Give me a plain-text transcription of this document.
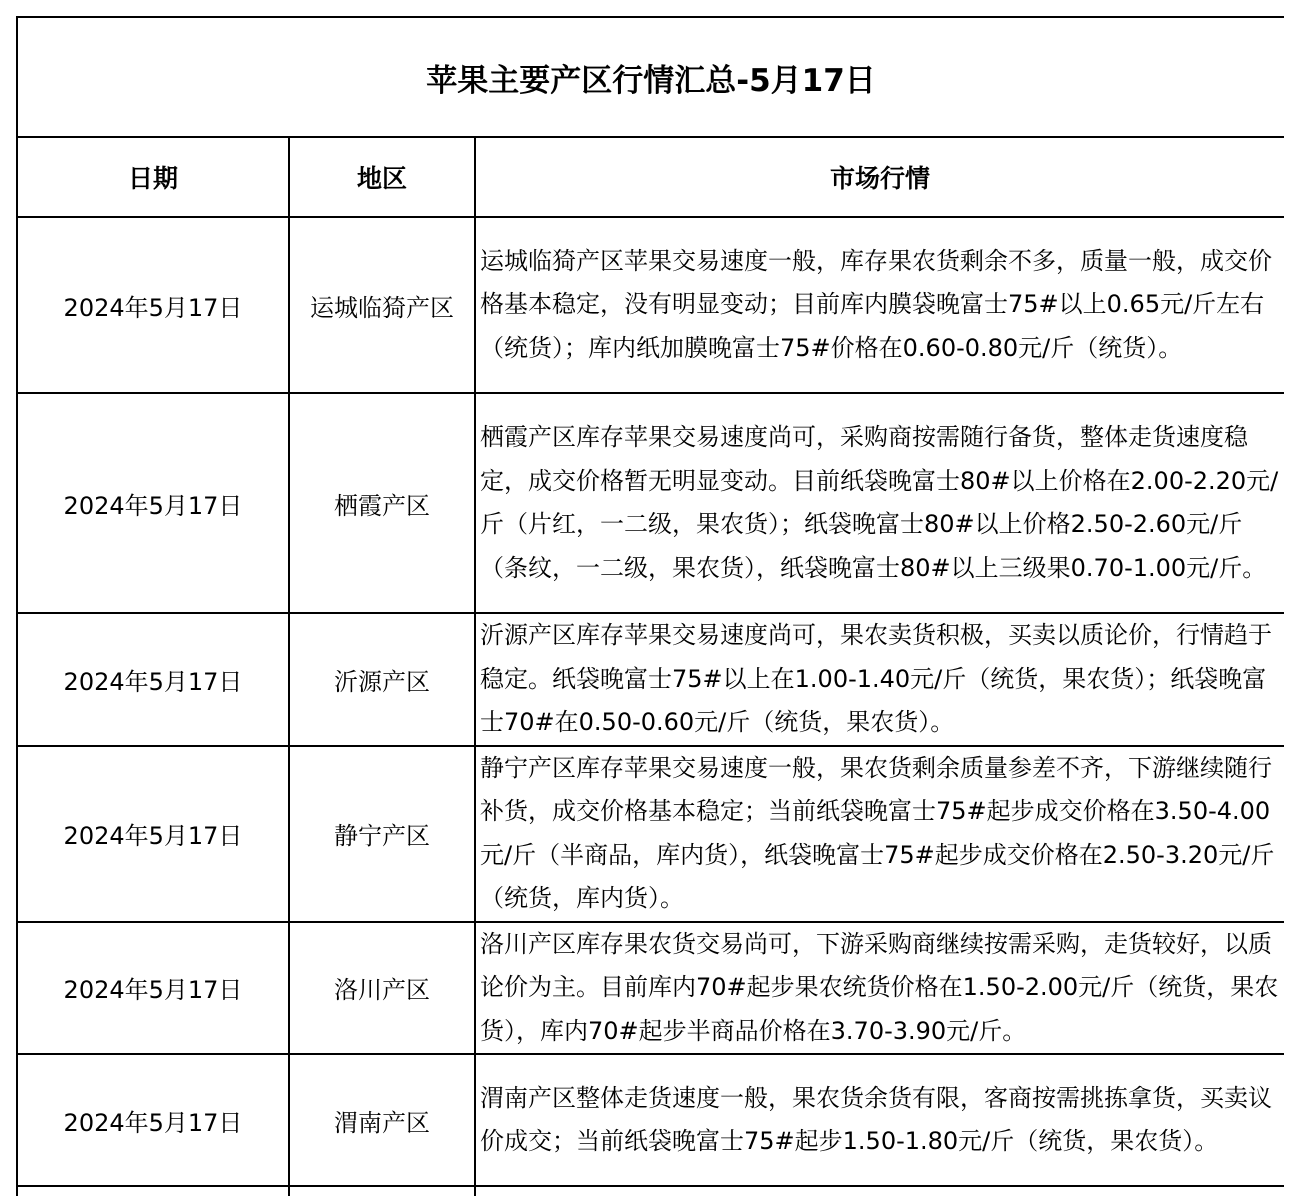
苹果主要产区行情汇总-5月17日		
日期	地区	市场行情
2024年5月17日	运城临猗产区	运城临猗产区苹果交易速度一般，库存果农货剩余不多，质量一般，成交价格基本稳定，没有明显变动；目前库内膜袋晚富士75#以上0.65元/斤左右（统货）；库内纸加膜晚富士75#价格在0.60-0.80元/斤（统货）。
2024年5月17日	栖霞产区	栖霞产区库存苹果交易速度尚可，采购商按需随行备货，整体走货速度稳定，成交价格暂无明显变动。目前纸袋晚富士80#以上价格在2.00-2.20元/斤（片红，一二级，果农货）；纸袋晚富士80#以上价格2.50-2.60元/斤（条纹，一二级，果农货），纸袋晚富士80#以上三级果0.70-1.00元/斤。
2024年5月17日	沂源产区	沂源产区库存苹果交易速度尚可，果农卖货积极，买卖以质论价，行情趋于稳定。纸袋晚富士75#以上在1.00-1.40元/斤（统货，果农货）；纸袋晚富士70#在0.50-0.60元/斤（统货，果农货）。
2024年5月17日	静宁产区	静宁产区库存苹果交易速度一般，果农货剩余质量参差不齐，下游继续随行补货，成交价格基本稳定；当前纸袋晚富士75#起步成交价格在3.50-4.00元/斤（半商品，库内货），纸袋晚富士75#起步成交价格在2.50-3.20元/斤（统货，库内货）。
2024年5月17日	洛川产区	洛川产区库存果农货交易尚可，下游采购商继续按需采购，走货较好，以质论价为主。目前库内70#起步果农统货价格在1.50-2.00元/斤（统货，果农货），库内70#起步半商品价格在3.70-3.90元/斤。
2024年5月17日	渭南产区	渭南产区整体走货速度一般，果农货余货有限，客商按需挑拣拿货，买卖议价成交；当前纸袋晚富士75#起步1.50-1.80元/斤（统货，果农货）。
